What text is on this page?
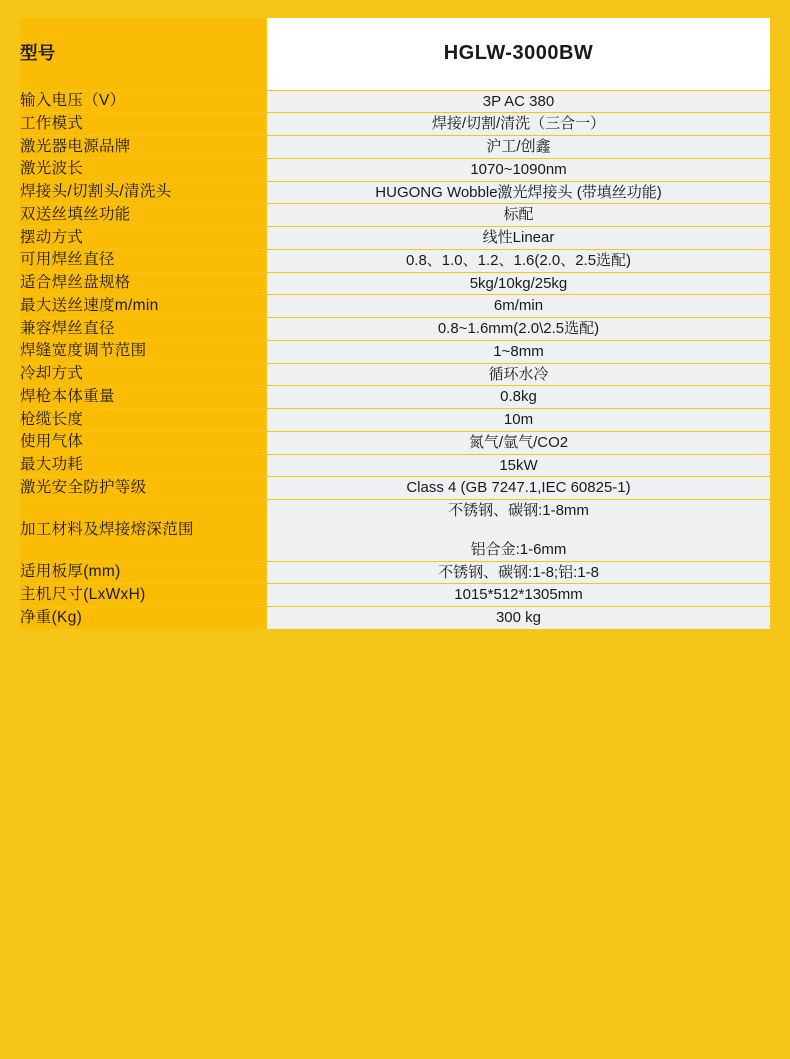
型号	HGLW-3000BW
输入电压（V）	3P AC 380
工作模式	焊接/切割/清洗（三合一）
激光器电源品牌	沪工/创鑫
激光波长	1070~1090nm
焊接头/切割头/清洗头	HUGONG Wobble激光焊接头 (带填丝功能)
双送丝填丝功能	标配
摆动方式	线性Linear
可用焊丝直径	0.8、1.0、1.2、1.6(2.0、2.5选配)
适合焊丝盘规格	5kg/10kg/25kg
最大送丝速度m/min	6m/min
兼容焊丝直径	0.8~1.6mm(2.0\2.5选配)
焊缝宽度调节范围	1~8mm
冷却方式	循环水冷
焊枪本体重量	0.8kg
枪缆长度	10m
使用气体	氮气/氩气/CO2
最大功耗	15kW
激光安全防护等级	Class 4 (GB 7247.1,IEC 60825-1)
加工材料及焊接熔深范围	不锈钢、碳钢:1-8mm
铝合金:1-6mm

适用板厚(mm)	不锈钢、碳钢:1-8;铝:1-8
主机尺寸(LxWxH)	1015*512*1305mm
净重(Kg)	300 kg
